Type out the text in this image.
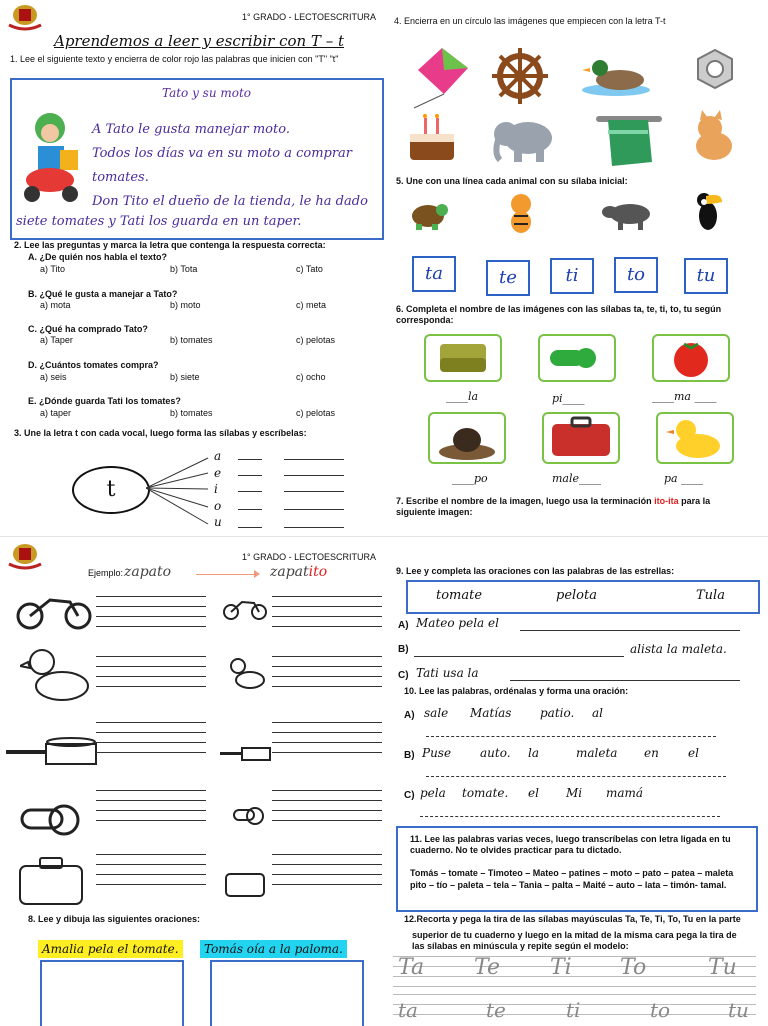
1° GRADO - LECTOESCRITURA
Aprendemos a leer y escribir con T – t
1. Lee el siguiente texto y encierra de color rojo las palabras que inicien con "T" "t"
Tato y su moto
A Tato le gusta manejar moto.
Todos los días va en su moto a comprar
tomates.
Don Tito el dueño de la tienda, le ha dado
siete tomates y Tati los guarda en un taper.
2. Lee las preguntas y marca la letra que contenga la respuesta correcta:
A. ¿De quién nos habla el texto?
a) Tito	b) Tota	c) Tato
B. ¿Qué le gusta a manejar a Tato?
a) mota	b) moto	c) meta
C. ¿Qué ha comprado Tato?
a) Taper	b) tomates	c) pelotas
D. ¿Cuántos tomates compra?
a) seis	b) siete	c) ocho
E. ¿Dónde guarda Tati los tomates?
a) taper	b) tomates	c) pelotas
3. Une la letra t con cada vocal, luego forma las sílabas y escríbelas:
t
a
e
i
o
u
4. Encierra en un círculo las imágenes que empiecen con la letra T-t
5. Une con una línea cada animal con su sílaba inicial:
ta	te	ti	to	tu
6. Completa el nombre de las imágenes con las sílabas ta, te, ti, to, tu según corresponda:
____la	pi____	____ma ____
____po	male____	pa ____
7. Escribe el nombre de la imagen, luego usa la terminación ito-ita para la siguiente imagen:
1° GRADO - LECTOESCRITURA
Ejemplo: zapato	zapatito
8. Lee y dibuja las siguientes oraciones:
Amalia pela el tomate.	Tomás oía a la paloma.
9. Lee y completa las oraciones con las palabras de las estrellas:
tomate	pelota	Tula
A) Mateo pela el
B)	alista la maleta.
C) Tati usa la
10. Lee las palabras, ordénalas y forma una oración:
A) sale Matías patio. al
B) Puse auto. la	maleta en el
C) pela tomate. el Mi mamá
11. Lee las palabras varias veces, luego transcríbelas con letra ligada en tu cuaderno. No te olvides practicar para tu dictado.
Tomás – tomate – Timoteo – Mateo – patines – moto – pato – patea – maleta
pito – tío – paleta – tela – Tania – palta – Maité – auto – lata – timón- tamal.
12.Recorta y pega la tira de las sílabas mayúsculas Ta, Te, Ti, To, Tu en la parte
superior de tu cuaderno y luego en la mitad de la misma cara pega la tira de
las sílabas en minúscula y repite según el modelo:
Ta Te Ti To	Tu
ta	te	ti	to	tu
